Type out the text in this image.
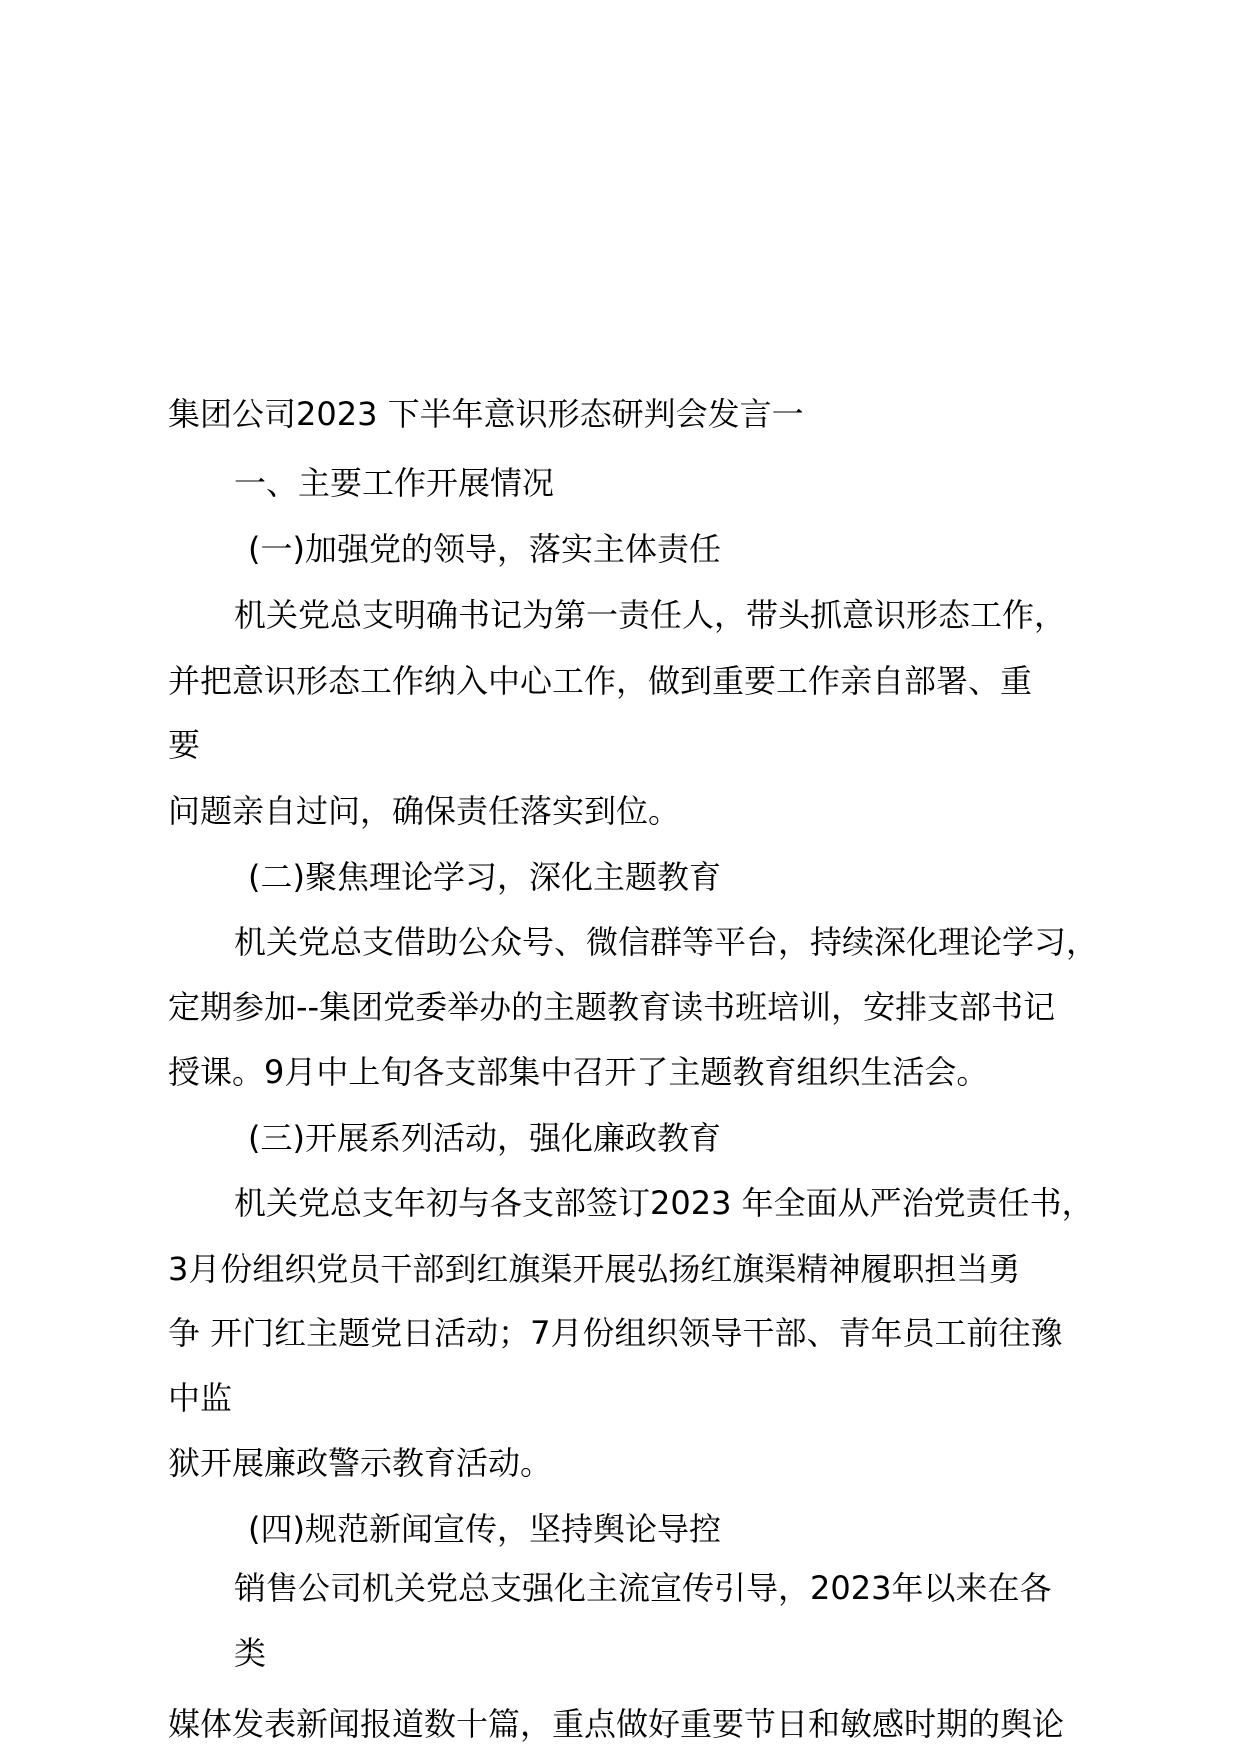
集团公司2023 下半年意识形态研判会发言一
一、主要工作开展情况
(一)加强党的领导，落实主体责任
机关党总支明确书记为第一责任人，带头抓意识形态工作，
并把意识形态工作纳入中心工作，做到重要工作亲自部署、重
要
问题亲自过问，确保责任落实到位。
(二)聚焦理论学习，深化主题教育
机关党总支借助公众号、微信群等平台，持续深化理论学习，
定期参加--集团党委举办的主题教育读书班培训，安排支部书记
授课。9月中上旬各支部集中召开了主题教育组织生活会。
(三)开展系列活动，强化廉政教育
机关党总支年初与各支部签订2023 年全面从严治党责任书，
3月份组织党员干部到红旗渠开展弘扬红旗渠精神履职担当勇
争 开门红主题党日活动；7月份组织领导干部、青年员工前往豫
中监
狱开展廉政警示教育活动。
(四)规范新闻宣传，坚持舆论导控
销售公司机关党总支强化主流宣传引导，2023年以来在各
类
媒体发表新闻报道数十篇，重点做好重要节日和敏感时期的舆论
